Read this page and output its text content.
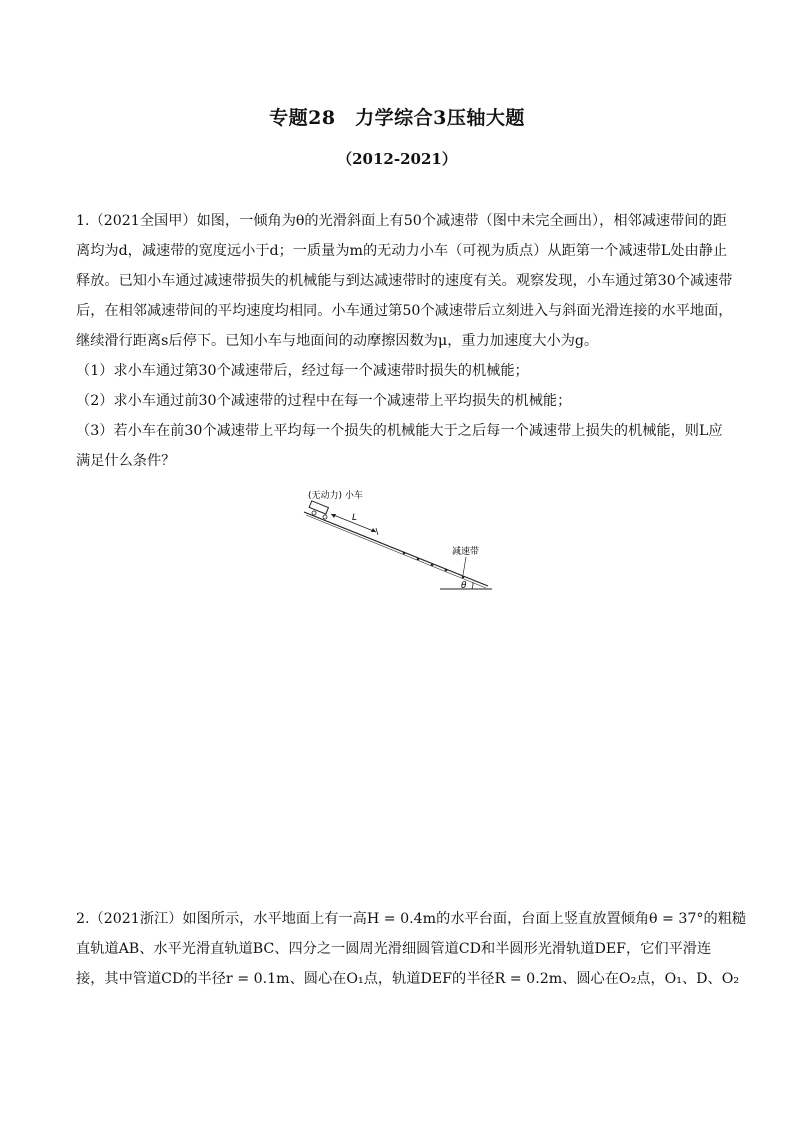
专题28　力学综合3压轴大题
（2012-2021）
1.（2021全国甲）如图，一倾角为θ的光滑斜面上有50个减速带（图中未完全画出），相邻减速带间的距
离均为d，减速带的宽度远小于d；一质量为m的无动力小车（可视为质点）从距第一个减速带L处由静止
释放。已知小车通过减速带损失的机械能与到达减速带时的速度有关。观察发现，小车通过第30个减速带
后，在相邻减速带间的平均速度均相同。小车通过第50个减速带后立刻进入与斜面光滑连接的水平地面，
继续滑行距离s后停下。已知小车与地面间的动摩擦因数为μ，重力加速度大小为g。
（1）求小车通过第30个减速带后，经过每一个减速带时损失的机械能；
（2）求小车通过前30个减速带的过程中在每一个减速带上平均损失的机械能；
（3）若小车在前30个减速带上平均每一个损失的机械能大于之后每一个减速带上损失的机械能，则L应
满足什么条件？
(无动力) 小车
L
减速带
θ
2.（2021浙江）如图所示，水平地面上有一高H = 0.4m的水平台面，台面上竖直放置倾角θ = 37°的粗糙
直轨道AB、水平光滑直轨道BC、四分之一圆周光滑细圆管道CD和半圆形光滑轨道DEF，它们平滑连
接，其中管道CD的半径r = 0.1m、圆心在O₁点，轨道DEF的半径R = 0.2m、圆心在O₂点，O₁、D、O₂
